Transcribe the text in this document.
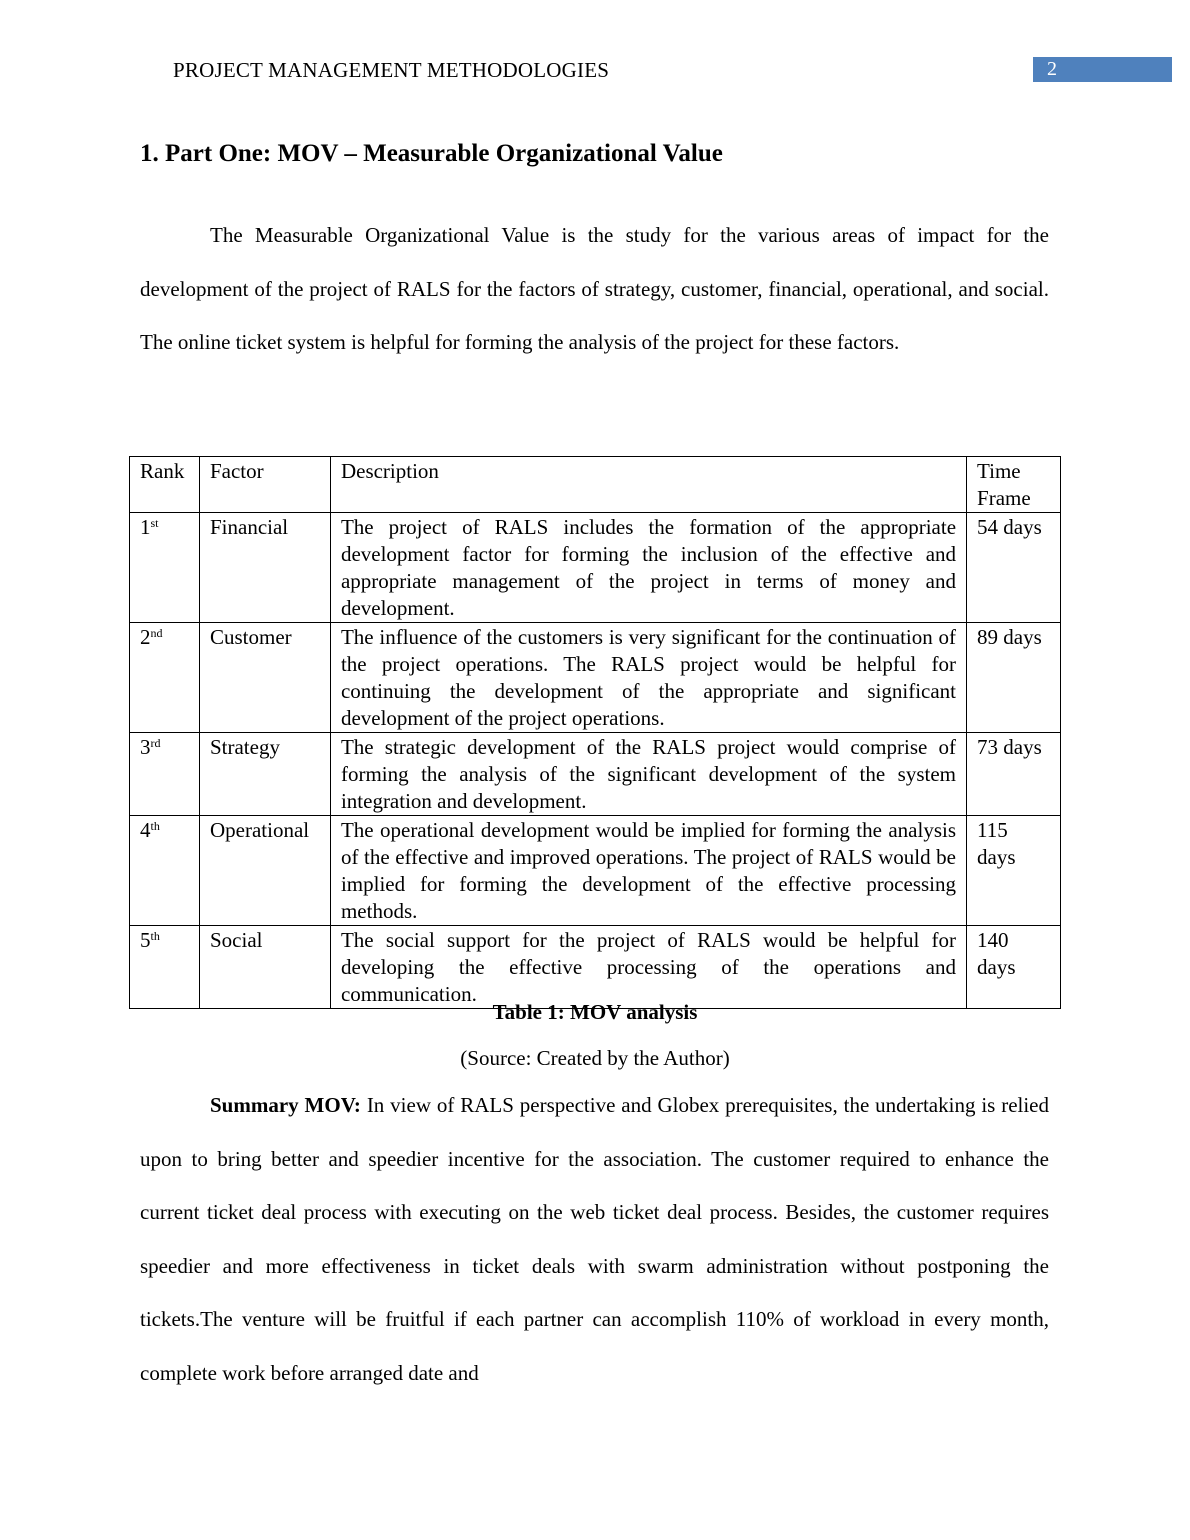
PROJECT MANAGEMENT METHODOLOGIES	2
1. Part One: MOV – Measurable Organizational Value

The Measurable Organizational Value is the study for the various areas of impact for the development of the project of RALS for the factors of strategy, customer, financial, operational, and social. The online ticket system is helpful for forming the analysis of the project for these factors.

Rank	Factor	Description	Time Frame
1st	Financial	The project of RALS includes the formation of the appropriate development factor for forming the inclusion of the effective and appropriate management of the project in terms of money and development.	54 days
2nd	Customer	The influence of the customers is very significant for the continuation of the project operations. The RALS project would be helpful for continuing the development of the appropriate and significant development of the project operations.	89 days
3rd	Strategy	The strategic development of the RALS project would comprise of forming the analysis of the significant development of the system integration and development.	73 days
4th	Operational	The operational development would be implied for forming the analysis of the effective and improved operations. The project of RALS would be implied for forming the development of the effective processing methods.	115 days
5th	Social	The social support for the project of RALS would be helpful for developing the effective processing of the operations and communication.	140 days

Table 1: MOV analysis

(Source: Created by the Author)

Summary MOV: In view of RALS perspective and Globex prerequisites, the undertaking is relied upon to bring better and speedier incentive for the association. The customer required to enhance the current ticket deal process with executing on the web ticket deal process. Besides, the customer requires speedier and more effectiveness in ticket deals with swarm administration without postponing the tickets.The venture will be fruitful if each partner can accomplish 110% of workload in every month, complete work before arranged date and
